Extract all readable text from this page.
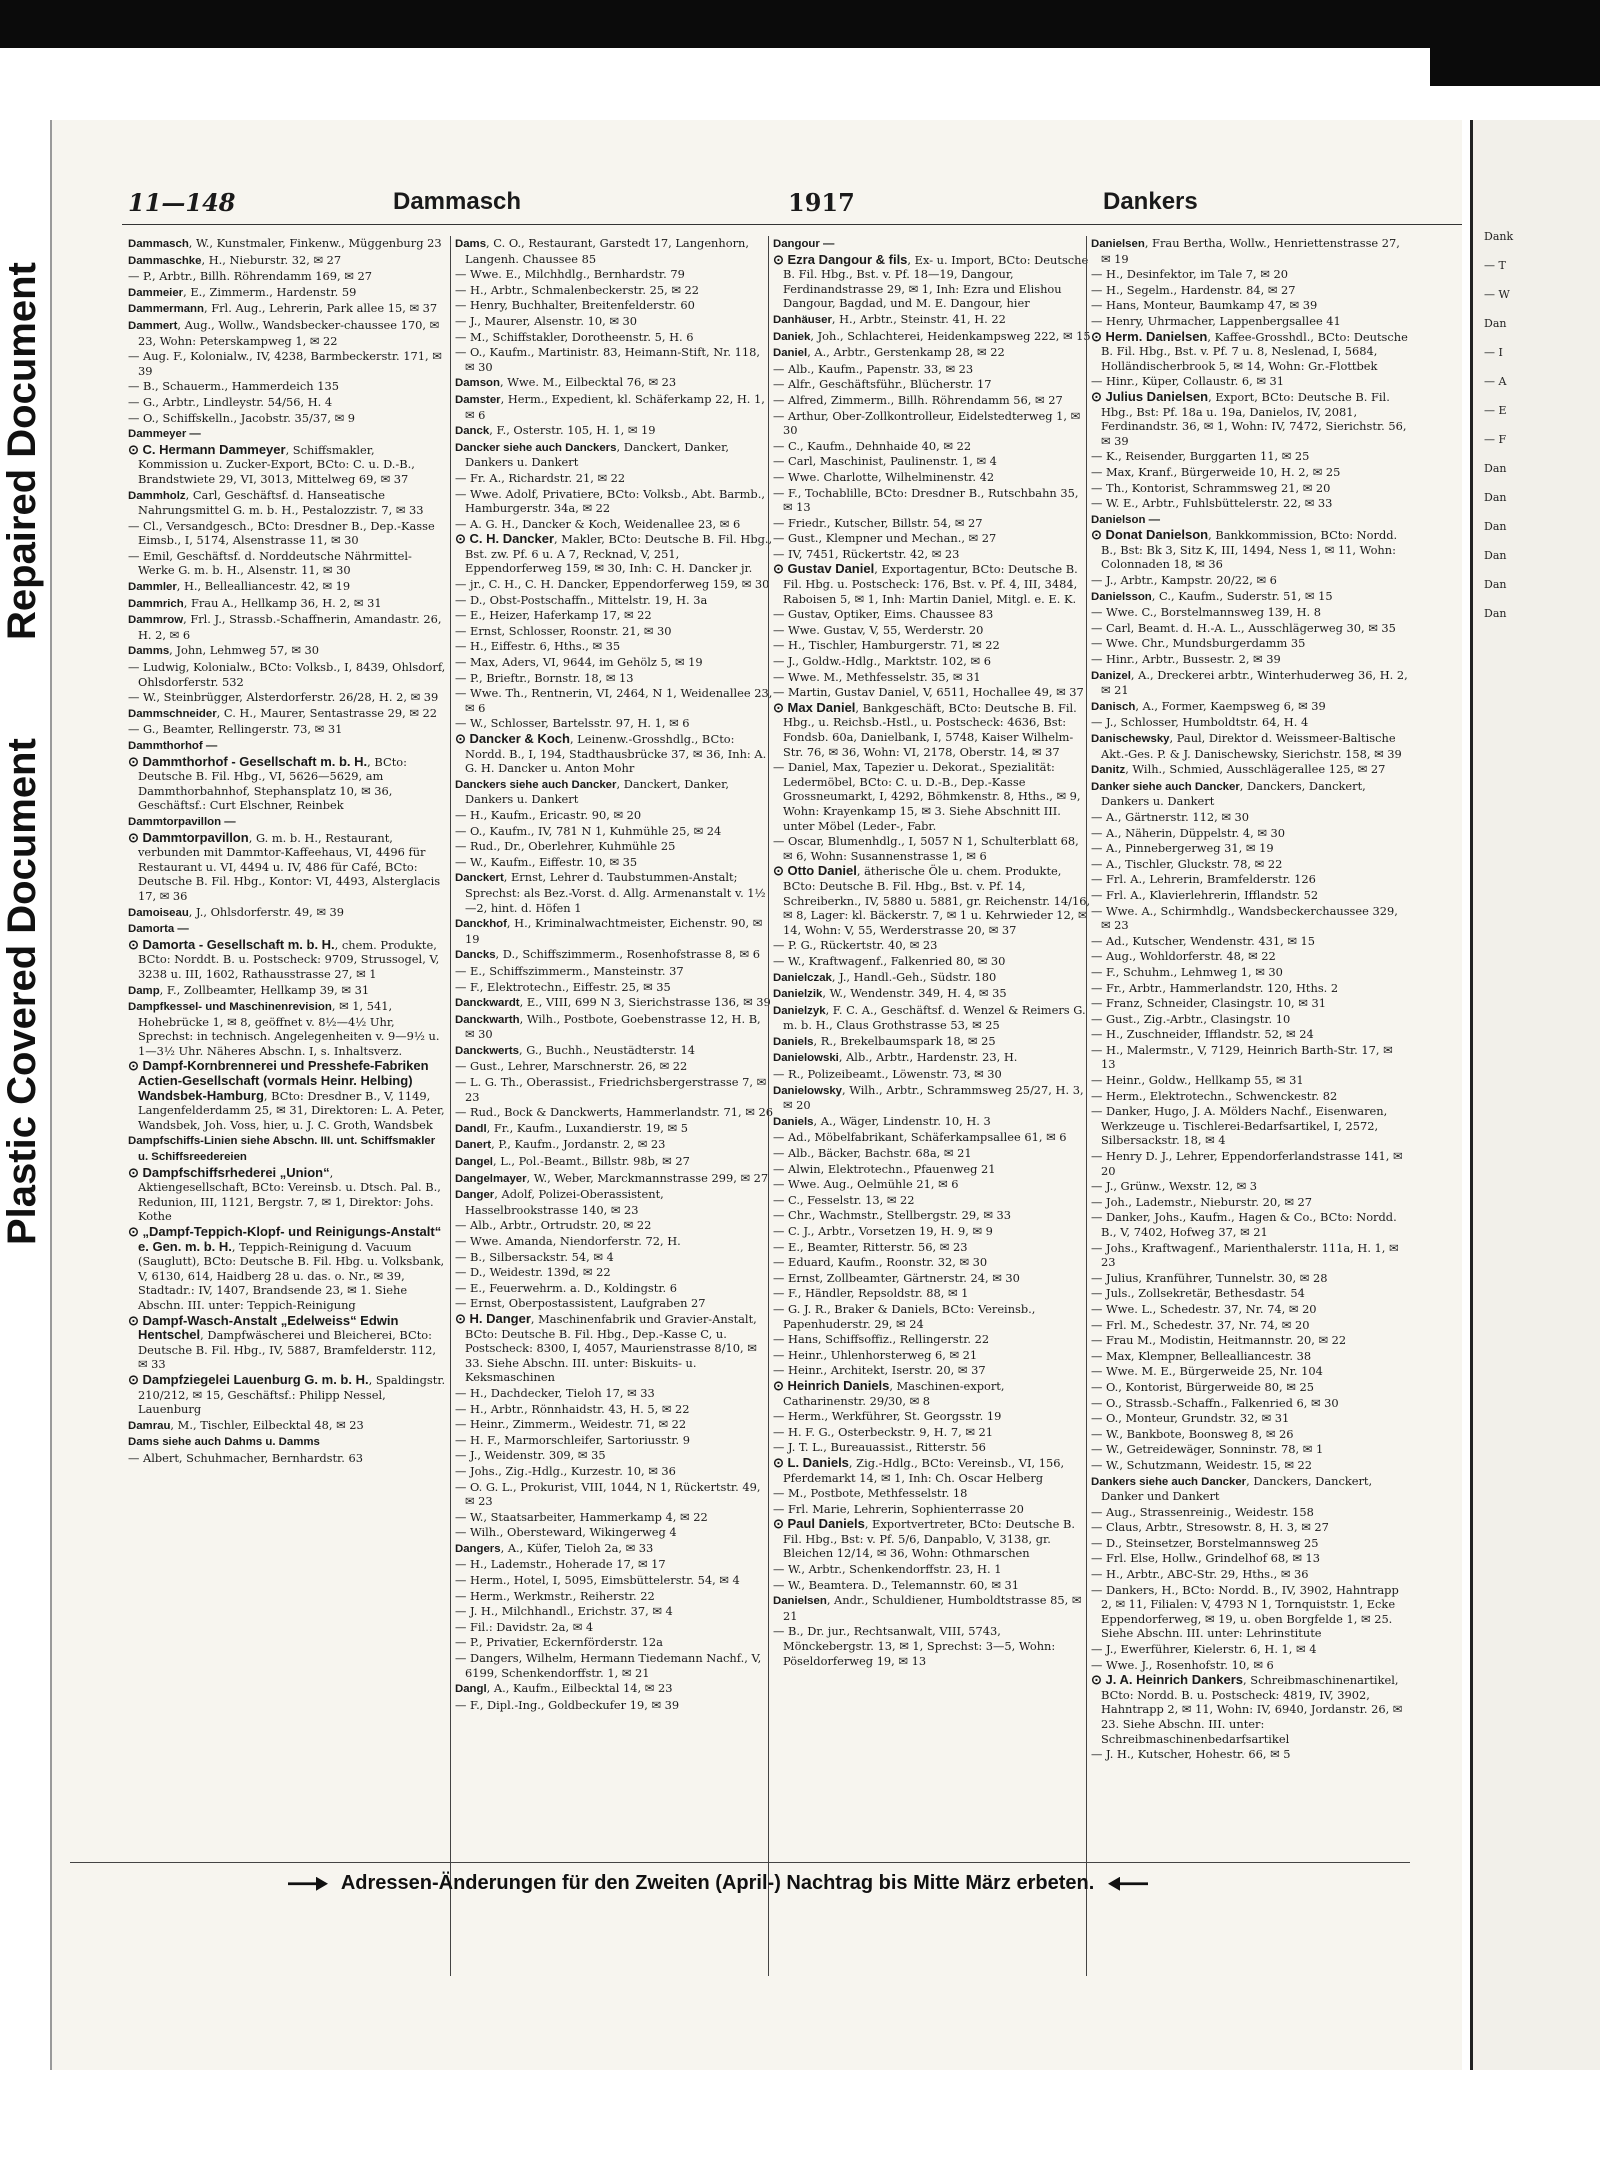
Repaired Document
Plastic Covered Document
11—148	Dammasch	1917	Dankers
Dammasch, W., Kunstmaler, Finkenw., Müggenburg 23
Dammaschke, H., Nieburstr. 32, ✉ 27
— P., Arbtr., Billh. Röhrendamm 169, ✉ 27
Dammeier, E., Zimmerm., Hardenstr. 59
Dammermann, Frl. Aug., Lehrerin, Park allee 15, ✉ 37
Dammert, Aug., Wollw., Wandsbecker-chaussee 170, ✉ 23, Wohn: Peterskampweg 1, ✉ 22
— Aug. F., Kolonialw., IV, 4238, Barmbeckerstr. 171, ✉ 39
— B., Schauerm., Hammerdeich 135
— G., Arbtr., Lindleystr. 54/56, H. 4
— O., Schiffskelln., Jacobstr. 35/37, ✉ 9
Dammeyer —
⊙ C. Hermann Dammeyer, Schiffsmakler, Kommission u. Zucker-Export, BCto: C. u. D.-B., Brandstwiete 29, VI, 3013, Mittelweg 69, ✉ 37
Dammholz, Carl, Geschäftsf. d. Hanseatische Nahrungsmittel G. m. b. H., Pestalozzistr. 7, ✉ 33
— Cl., Versandgesch., BCto: Dresdner B., Dep.-Kasse Eimsb., I, 5174, Alsenstrasse 11, ✉ 30
— Emil, Geschäftsf. d. Norddeutsche Nährmittel-Werke G. m. b. H., Alsenstr. 11, ✉ 30
Dammler, H., Bellealliancestr. 42, ✉ 19
Dammrich, Frau A., Hellkamp 36, H. 2, ✉ 31
Dammrow, Frl. J., Strassb.-Schaffnerin, Amandastr. 26, H. 2, ✉ 6
Damms, John, Lehmweg 57, ✉ 30
— Ludwig, Kolonialw., BCto: Volksb., I, 8439, Ohlsdorf, Ohlsdorferstr. 532
— W., Steinbrügger, Alsterdorferstr. 26/28, H. 2, ✉ 39
Dammschneider, C. H., Maurer, Sentastrasse 29, ✉ 22
— G., Beamter, Rellingerstr. 73, ✉ 31
Dammthorhof —
⊙ Dammthorhof - Gesellschaft m. b. H., BCto: Deutsche B. Fil. Hbg., VI, 5626—5629, am Dammthorbahnhof, Stephansplatz 10, ✉ 36, Geschäftsf.: Curt Elschner, Reinbek
Dammtorpavillon —
⊙ Dammtorpavillon, G. m. b. H., Restaurant, verbunden mit Dammtor-Kaffeehaus, VI, 4496 für Restaurant u. VI, 4494 u. IV, 486 für Café, BCto: Deutsche B. Fil. Hbg., Kontor: VI, 4493, Alsterglacis 17, ✉ 36
Damoiseau, J., Ohlsdorferstr. 49, ✉ 39
Damorta —
⊙ Damorta - Gesellschaft m. b. H., chem. Produkte, BCto: Norddt. B. u. Postscheck: 9709, Strussogel, V, 3238 u. III, 1602, Rathausstrasse 27, ✉ 1
Damp, F., Zollbeamter, Hellkamp 39, ✉ 31
Dampfkessel- und Maschinenrevision, ✉ 1, 541, Hohebrücke 1, ✉ 8, geöffnet v. 8½—4½ Uhr, Sprechst: in technisch. Angelegenheiten v. 9—9½ u. 1—3½ Uhr. Näheres Abschn. I, s. Inhaltsverz.
⊙ Dampf-Kornbrennerei und Presshefe-Fabriken Actien-Gesellschaft (vormals Heinr. Helbing) Wandsbek-Hamburg, BCto: Dresdner B., V, 1149, Langenfelderdamm 25, ✉ 31, Direktoren: L. A. Peter, Wandsbek, Joh. Voss, hier, u. J. C. Groth, Wandsbek
Dampfschiffs-Linien siehe Abschn. III. unt. Schiffsmakler u. Schiffsreedereien
⊙ Dampfschiffsrhederei „Union“, Aktiengesellschaft, BCto: Vereinsb. u. Dtsch. Pal. B., Redunion, III, 1121, Bergstr. 7, ✉ 1, Direktor: Johs. Kothe
⊙ „Dampf-Teppich-Klopf- und Reinigungs-Anstalt“ e. Gen. m. b. H., Teppich-Reinigung d. Vacuum (Sauglutt), BCto: Deutsche B. Fil. Hbg. u. Volksbank, V, 6130, 614, Haidberg 28 u. das. o. Nr., ✉ 39, Stadtadr.: IV, 1407, Brandsende 23, ✉ 1. Siehe Abschn. III. unter: Teppich-Reinigung
⊙ Dampf-Wasch-Anstalt „Edelweiss“ Edwin Hentschel, Dampfwäscherei und Bleicherei, BCto: Deutsche B. Fil. Hbg., IV, 5887, Bramfelderstr. 112, ✉ 33
⊙ Dampfziegelei Lauenburg G. m. b. H., Spaldingstr. 210/212, ✉ 15, Geschäftsf.: Philipp Nessel, Lauenburg
Damrau, M., Tischler, Eilbecktal 48, ✉ 23
Dams siehe auch Dahms u. Damms
— Albert, Schuhmacher, Bernhardstr. 63
Dams, C. O., Restaurant, Garstedt 17, Langenhorn, Langenh. Chaussee 85
— Wwe. E., Milchhdlg., Bernhardstr. 79
— H., Arbtr., Schmalenbeckerstr. 25, ✉ 22
— Henry, Buchhalter, Breitenfelderstr. 60
— J., Maurer, Alsenstr. 10, ✉ 30
— M., Schiffstakler, Dorotheenstr. 5, H. 6
— O., Kaufm., Martinistr. 83, Heimann-Stift, Nr. 118, ✉ 30
Damson, Wwe. M., Eilbecktal 76, ✉ 23
Damster, Herm., Expedient, kl. Schäferkamp 22, H. 1, ✉ 6
Danck, F., Osterstr. 105, H. 1, ✉ 19
Dancker siehe auch Danckers, Danckert, Danker, Dankers u. Dankert
— Fr. A., Richardstr. 21, ✉ 22
— Wwe. Adolf, Privatiere, BCto: Volksb., Abt. Barmb., Hamburgerstr. 34a, ✉ 22
— A. G. H., Dancker & Koch, Weidenallee 23, ✉ 6
⊙ C. H. Dancker, Makler, BCto: Deutsche B. Fil. Hbg., Bst. zw. Pf. 6 u. A 7, Recknad, V, 251, Eppendorferweg 159, ✉ 30, Inh: C. H. Dancker jr.
— jr., C. H., C. H. Dancker, Eppendorferweg 159, ✉ 30
— D., Obst-Postschaffn., Mittelstr. 19, H. 3a
— E., Heizer, Haferkamp 17, ✉ 22
— Ernst, Schlosser, Roonstr. 21, ✉ 30
— H., Eiffestr. 6, Hths., ✉ 35
— Max, Aders, VI, 9644, im Gehölz 5, ✉ 19
— P., Brieftr., Bornstr. 18, ✉ 13
— Wwe. Th., Rentnerin, VI, 2464, N 1, Weidenallee 23, ✉ 6
— W., Schlosser, Bartelsstr. 97, H. 1, ✉ 6
⊙ Dancker & Koch, Leinenw.-Grosshdlg., BCto: Nordd. B., I, 194, Stadthausbrücke 37, ✉ 36, Inh: A. G. H. Dancker u. Anton Mohr
Danckers siehe auch Dancker, Danckert, Danker, Dankers u. Dankert
— H., Kaufm., Ericastr. 90, ✉ 20
— O., Kaufm., IV, 781 N 1, Kuhmühle 25, ✉ 24
— Rud., Dr., Oberlehrer, Kuhmühle 25
— W., Kaufm., Eiffestr. 10, ✉ 35
Danckert, Ernst, Lehrer d. Taubstummen-Anstalt; Sprechst: als Bez.-Vorst. d. Allg. Armenanstalt v. 1½—2, hint. d. Höfen 1
Danckhof, H., Kriminalwachtmeister, Eichenstr. 90, ✉ 19
Dancks, D., Schiffszimmerm., Rosenhofstrasse 8, ✉ 6
— E., Schiffszimmerm., Mansteinstr. 37
— F., Elektrotechn., Eiffestr. 25, ✉ 35
Danckwardt, E., VIII, 699 N 3, Sierichstrasse 136, ✉ 39
Danckwarth, Wilh., Postbote, Goebenstrasse 12, H. B, ✉ 30
Danckwerts, G., Buchh., Neustädterstr. 14
— Gust., Lehrer, Marschnerstr. 26, ✉ 22
— L. G. Th., Oberassist., Friedrichsbergerstrasse 7, ✉ 23
— Rud., Bock & Danckwerts, Hammerlandstr. 71, ✉ 26
Dandl, Fr., Kaufm., Luxandierstr. 19, ✉ 5
Danert, P., Kaufm., Jordanstr. 2, ✉ 23
Dangel, L., Pol.-Beamt., Billstr. 98b, ✉ 27
Dangelmayer, W., Weber, Marckmannstrasse 299, ✉ 27
Danger, Adolf, Polizei-Oberassistent, Hasselbrookstrasse 140, ✉ 23
— Alb., Arbtr., Ortrudstr. 20, ✉ 22
— Wwe. Amanda, Niendorferstr. 72, H.
— B., Silbersackstr. 54, ✉ 4
— D., Weidestr. 139d, ✉ 22
— E., Feuerwehrm. a. D., Koldingstr. 6
— Ernst, Oberpostassistent, Laufgraben 27
⊙ H. Danger, Maschinenfabrik und Gravier-Anstalt, BCto: Deutsche B. Fil. Hbg., Dep.-Kasse C, u. Postscheck: 8300, I, 4057, Maurienstrasse 8/10, ✉ 33. Siehe Abschn. III. unter: Biskuits- u. Keksmaschinen
— H., Dachdecker, Tieloh 17, ✉ 33
— H., Arbtr., Rönnhaidstr. 43, H. 5, ✉ 22
— Heinr., Zimmerm., Weidestr. 71, ✉ 22
— H. F., Marmorschleifer, Sartoriusstr. 9
— J., Weidenstr. 309, ✉ 35
— Johs., Zig.-Hdlg., Kurzestr. 10, ✉ 36
— O. G. L., Prokurist, VIII, 1044, N 1, Rückertstr. 49, ✉ 23
— W., Staatsarbeiter, Hammerkamp 4, ✉ 22
— Wilh., Obersteward, Wikingerweg 4
Dangers, A., Küfer, Tieloh 2a, ✉ 33
— H., Lademstr., Hoherade 17, ✉ 17
— Herm., Hotel, I, 5095, Eimsbüttelerstr. 54, ✉ 4
— Herm., Werkmstr., Reiherstr. 22
— J. H., Milchhandl., Erichstr. 37, ✉ 4
— Fil.: Davidstr. 2a, ✉ 4
— P., Privatier, Eckernförderstr. 12a
— Dangers, Wilhelm, Hermann Tiedemann Nachf., V, 6199, Schenkendorffstr. 1, ✉ 21
Dangl, A., Kaufm., Eilbecktal 14, ✉ 23
— F., Dipl.-Ing., Goldbeckufer 19, ✉ 39
Dangour —
⊙ Ezra Dangour & fils, Ex- u. Import, BCto: Deutsche B. Fil. Hbg., Bst. v. Pf. 18—19, Dangour, Ferdinandstrasse 29, ✉ 1, Inh: Ezra und Elishou Dangour, Bagdad, und M. E. Dangour, hier
Danhäuser, H., Arbtr., Steinstr. 41, H. 22
Daniek, Joh., Schlachterei, Heidenkampsweg 222, ✉ 15
Daniel, A., Arbtr., Gerstenkamp 28, ✉ 22
— Alb., Kaufm., Papenstr. 33, ✉ 23
— Alfr., Geschäftsführ., Blücherstr. 17
— Alfred, Zimmerm., Billh. Röhrendamm 56, ✉ 27
— Arthur, Ober-Zollkontrolleur, Eidelstedterweg 1, ✉ 30
— C., Kaufm., Dehnhaide 40, ✉ 22
— Carl, Maschinist, Paulinenstr. 1, ✉ 4
— Wwe. Charlotte, Wilhelminenstr. 42
— F., Tochablille, BCto: Dresdner B., Rutschbahn 35, ✉ 13
— Friedr., Kutscher, Billstr. 54, ✉ 27
— Gust., Klempner und Mechan., ✉ 27
— IV, 7451, Rückertstr. 42, ✉ 23
⊙ Gustav Daniel, Exportagentur, BCto: Deutsche B. Fil. Hbg. u. Postscheck: 176, Bst. v. Pf. 4, III, 3484, Raboisen 5, ✉ 1, Inh: Martin Daniel, Mitgl. e. E. K.
— Gustav, Optiker, Eims. Chaussee 83
— Wwe. Gustav, V, 55, Werderstr. 20
— H., Tischler, Hamburgerstr. 71, ✉ 22
— J., Goldw.-Hdlg., Marktstr. 102, ✉ 6
— Wwe. M., Methfesselstr. 35, ✉ 31
— Martin, Gustav Daniel, V, 6511, Hochallee 49, ✉ 37
⊙ Max Daniel, Bankgeschäft, BCto: Deutsche B. Fil. Hbg., u. Reichsb.-Hstl., u. Postscheck: 4636, Bst: Fondsb. 60a, Danielbank, I, 5748, Kaiser Wilhelm-Str. 76, ✉ 36, Wohn: VI, 2178, Oberstr. 14, ✉ 37
— Daniel, Max, Tapezier u. Dekorat., Spezialität: Ledermöbel, BCto: C. u. D.-B., Dep.-Kasse Grossneumarkt, I, 4292, Böhmkenstr. 8, Hths., ✉ 9, Wohn: Krayenkamp 15, ✉ 3. Siehe Abschnitt III. unter Möbel (Leder-, Fabr.
— Oscar, Blumenhdlg., I, 5057 N 1, Schulterblatt 68, ✉ 6, Wohn: Susannenstrasse 1, ✉ 6
⊙ Otto Daniel, ätherische Öle u. chem. Produkte, BCto: Deutsche B. Fil. Hbg., Bst. v. Pf. 14, Schreiberkn., IV, 5880 u. 5881, gr. Reichenstr. 14/16, ✉ 8, Lager: kl. Bäckerstr. 7, ✉ 1 u. Kehrwieder 12, ✉ 14, Wohn: V, 55, Werderstrasse 20, ✉ 37
— P. G., Rückertstr. 40, ✉ 23
— W., Kraftwagenf., Falkenried 80, ✉ 30
Danielczak, J., Handl.-Geh., Südstr. 180
Danielzik, W., Wendenstr. 349, H. 4, ✉ 35
Danielzyk, F. C. A., Geschäftsf. d. Wenzel & Reimers G. m. b. H., Claus Grothstrasse 53, ✉ 25
Daniels, R., Brekelbaumspark 18, ✉ 25
Danielowski, Alb., Arbtr., Hardenstr. 23, H.
— R., Polizeibeamt., Löwenstr. 73, ✉ 30
Danielowsky, Wilh., Arbtr., Schrammsweg 25/27, H. 3, ✉ 20
Daniels, A., Wäger, Lindenstr. 10, H. 3
— Ad., Möbelfabrikant, Schäferkampsallee 61, ✉ 6
— Alb., Bäcker, Bachstr. 68a, ✉ 21
— Alwin, Elektrotechn., Pfauenweg 21
— Wwe. Aug., Oelmühle 21, ✉ 6
— C., Fesselstr. 13, ✉ 22
— Chr., Wachmstr., Stellbergstr. 29, ✉ 33
— C. J., Arbtr., Vorsetzen 19, H. 9, ✉ 9
— E., Beamter, Ritterstr. 56, ✉ 23
— Eduard, Kaufm., Roonstr. 32, ✉ 30
— Ernst, Zollbeamter, Gärtnerstr. 24, ✉ 30
— F., Händler, Repsoldstr. 88, ✉ 1
— G. J. R., Braker & Daniels, BCto: Vereinsb., Papenhuderstr. 29, ✉ 24
— Hans, Schiffsoffiz., Rellingerstr. 22
— Heinr., Uhlenhorsterweg 6, ✉ 21
— Heinr., Architekt, Iserstr. 20, ✉ 37
⊙ Heinrich Daniels, Maschinen-export, Catharinenstr. 29/30, ✉ 8
— Herm., Werkführer, St. Georgsstr. 19
— H. F. G., Osterbeckstr. 9, H. 7, ✉ 21
— J. T. L., Bureauassist., Ritterstr. 56
⊙ L. Daniels, Zig.-Hdlg., BCto: Vereinsb., VI, 156, Pferdemarkt 14, ✉ 1, Inh: Ch. Oscar Helberg
— M., Postbote, Methfesselstr. 18
— Frl. Marie, Lehrerin, Sophienterrasse 20
⊙ Paul Daniels, Exportvertreter, BCto: Deutsche B. Fil. Hbg., Bst: v. Pf. 5/6, Danpablo, V, 3138, gr. Bleichen 12/14, ✉ 36, Wohn: Othmarschen
— W., Arbtr., Schenkendorffstr. 23, H. 1
— W., Beamtera. D., Telemannstr. 60, ✉ 31
Danielsen, Andr., Schuldiener, Humboldtstrasse 85, ✉ 21
— B., Dr. jur., Rechtsanwalt, VIII, 5743, Mönckebergstr. 13, ✉ 1, Sprechst: 3—5, Wohn: Pöseldorferweg 19, ✉ 13
Danielsen, Frau Bertha, Wollw., Henriettenstrasse 27, ✉ 19
— H., Desinfektor, im Tale 7, ✉ 20
— H., Segelm., Hardenstr. 84, ✉ 27
— Hans, Monteur, Baumkamp 47, ✉ 39
— Henry, Uhrmacher, Lappenbergsallee 41
⊙ Herm. Danielsen, Kaffee-Grosshdl., BCto: Deutsche B. Fil. Hbg., Bst. v. Pf. 7 u. 8, Neslenad, I, 5684, Holländischerbrook 5, ✉ 14, Wohn: Gr.-Flottbek
— Hinr., Küper, Collaustr. 6, ✉ 31
⊙ Julius Danielsen, Export, BCto: Deutsche B. Fil. Hbg., Bst: Pf. 18a u. 19a, Danielos, IV, 2081, Ferdinandstr. 36, ✉ 1, Wohn: IV, 7472, Sierichstr. 56, ✉ 39
— K., Reisender, Burggarten 11, ✉ 25
— Max, Kranf., Bürgerweide 10, H. 2, ✉ 25
— Th., Kontorist, Schrammsweg 21, ✉ 20
— W. E., Arbtr., Fuhlsbüttelerstr. 22, ✉ 33
Danielson —
⊙ Donat Danielson, Bankkommission, BCto: Nordd. B., Bst: Bk 3, Sitz K, III, 1494, Ness 1, ✉ 11, Wohn: Colonnaden 18, ✉ 36
— J., Arbtr., Kampstr. 20/22, ✉ 6
Danielsson, C., Kaufm., Suderstr. 51, ✉ 15
— Wwe. C., Borstelmannsweg 139, H. 8
— Carl, Beamt. d. H.-A. L., Ausschlägerweg 30, ✉ 35
— Wwe. Chr., Mundsburgerdamm 35
— Hinr., Arbtr., Bussestr. 2, ✉ 39
Danizel, A., Dreckerei arbtr., Winterhuderweg 36, H. 2, ✉ 21
Danisch, A., Former, Kaempsweg 6, ✉ 39
— J., Schlosser, Humboldtstr. 64, H. 4
Danischewsky, Paul, Direktor d. Weissmeer-Baltische Akt.-Ges. P. & J. Danischewsky, Sierichstr. 158, ✉ 39
Danitz, Wilh., Schmied, Ausschlägerallee 125, ✉ 27
Danker siehe auch Dancker, Danckers, Danckert, Dankers u. Dankert
— A., Gärtnerstr. 112, ✉ 30
— A., Näherin, Düppelstr. 4, ✉ 30
— A., Pinnebergerweg 31, ✉ 19
— A., Tischler, Gluckstr. 78, ✉ 22
— Frl. A., Lehrerin, Bramfelderstr. 126
— Frl. A., Klavierlehrerin, Ifflandstr. 52
— Wwe. A., Schirmhdlg., Wandsbeckerchaussee 329, ✉ 23
— Ad., Kutscher, Wendenstr. 431, ✉ 15
— Aug., Wohldorferstr. 48, ✉ 22
— F., Schuhm., Lehmweg 1, ✉ 30
— Fr., Arbtr., Hammerlandstr. 120, Hths. 2
— Franz, Schneider, Clasingstr. 10, ✉ 31
— Gust., Zig.-Arbtr., Clasingstr. 10
— H., Zuschneider, Ifflandstr. 52, ✉ 24
— H., Malermstr., V, 7129, Heinrich Barth-Str. 17, ✉ 13
— Heinr., Goldw., Hellkamp 55, ✉ 31
— Herm., Elektrotechn., Schwenckestr. 82
— Danker, Hugo, J. A. Mölders Nachf., Eisenwaren, Werkzeuge u. Tischlerei-Bedarfsartikel, I, 2572, Silbersackstr. 18, ✉ 4
— Henry D. J., Lehrer, Eppendorferlandstrasse 141, ✉ 20
— J., Grünw., Wexstr. 12, ✉ 3
— Joh., Lademstr., Nieburstr. 20, ✉ 27
— Danker, Johs., Kaufm., Hagen & Co., BCto: Nordd. B., V, 7402, Hofweg 37, ✉ 21
— Johs., Kraftwagenf., Marienthalerstr. 111a, H. 1, ✉ 23
— Julius, Kranführer, Tunnelstr. 30, ✉ 28
— Juls., Zollsekretär, Bethesdastr. 54
— Wwe. L., Schedestr. 37, Nr. 74, ✉ 20
— Frl. M., Schedestr. 37, Nr. 74, ✉ 20
— Frau M., Modistin, Heitmannstr. 20, ✉ 22
— Max, Klempner, Bellealliancestr. 38
— Wwe. M. E., Bürgerweide 25, Nr. 104
— O., Kontorist, Bürgerweide 80, ✉ 25
— O., Strassb.-Schaffn., Falkenried 6, ✉ 30
— O., Monteur, Grundstr. 32, ✉ 31
— W., Bankbote, Boonsweg 8, ✉ 26
— W., Getreidewäger, Sonninstr. 78, ✉ 1
— W., Schutzmann, Weidestr. 15, ✉ 22
Dankers siehe auch Dancker, Danckers, Danckert, Danker und Dankert
— Aug., Strassenreinig., Weidestr. 158
— Claus, Arbtr., Stresowstr. 8, H. 3, ✉ 27
— D., Steinsetzer, Borstelmannsweg 25
— Frl. Else, Hollw., Grindelhof 68, ✉ 13
— H., Arbtr., ABC-Str. 29, Hths., ✉ 36
— Dankers, H., BCto: Nordd. B., IV, 3902, Hahntrapp 2, ✉ 11, Filialen: V, 4793 N 1, Tornquiststr. 1, Ecke Eppendorferweg, ✉ 19, u. oben Borgfelde 1, ✉ 25. Siehe Abschn. III. unter: Lehrinstitute
— J., Ewerführer, Kielerstr. 6, H. 1, ✉ 4
— Wwe. J., Rosenhofstr. 10, ✉ 6
⊙ J. A. Heinrich Dankers, Schreibmaschinenartikel, BCto: Nordd. B. u. Postscheck: 4819, IV, 3902, Hahntrapp 2, ✉ 11, Wohn: IV, 6940, Jordanstr. 26, ✉ 23. Siehe Abschn. III. unter: Schreibmaschinenbedarfsartikel
— J. H., Kutscher, Hohestr. 66, ✉ 5
Adressen-Änderungen für den Zweiten (April-) Nachtrag bis Mitte März erbeten.
Dank
— T
— W
Dan
— I
— A
— E
— F
Dan
Dan
Dan
Dan
Dan
Dan
